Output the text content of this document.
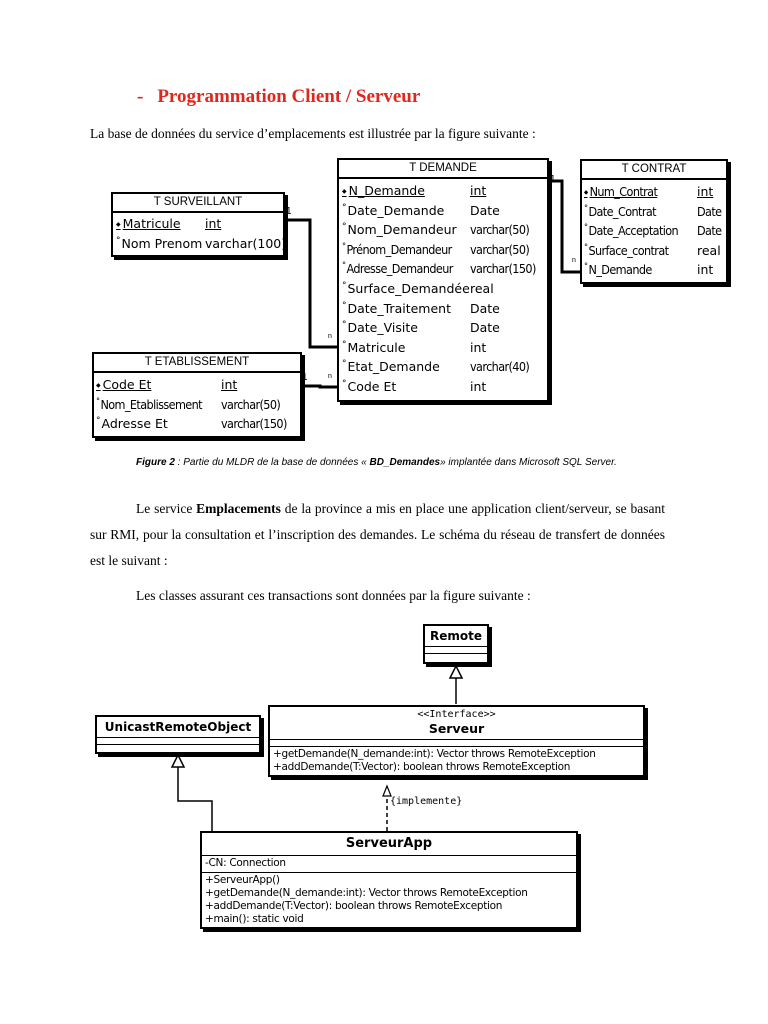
- Programmation Client / Serveur
La base de données du service d’emplacements est illustrée par la figure suivante :
1
n
1	n
1
n
T SURVEILLANT
◆ Matricule int
° Nom Prenom varchar(100)
T DEMANDE
◆ N_Demande	int
° Date_Demande Date
° Nom_Demandeur varchar(50)
° Prénom_Demandeur varchar(50)
° Adresse_Demandeur varchar(150)
° Surface_Demandée real
° Date_Traitement Date
° Date_Visite	Date
° Matricule	int
° Etat_Demande varchar(40)
° Code Et	int
T CONTRAT
◆ Num_Contrat	int
° Date_Contrat	Date
° Date_Acceptation Date
° Surface_contrat real
° N_Demande	int
T ETABLISSEMENT
◆ Code Et	int
° Nom_Etablissement varchar(50)
° Adresse Et	varchar(150)
Figure 2 : Partie du MLDR de la base de données « BD_Demandes» implantée dans Microsoft SQL Server.
Le service Emplacements de la province a mis en place une application client/serveur, se basant sur RMI, pour la consultation et l’inscription des demandes. Le schéma du réseau de transfert de données est le suivant :
Les classes assurant ces transactions sont données par la figure suivante :
Remote
UnicastRemoteObject
<<Interface>>
Serveur
+getDemande(N_demande:int): Vector throws RemoteException
+addDemande(T:Vector): boolean throws RemoteException
{implemente}
ServeurApp
-CN: Connection
+ServeurApp()
+getDemande(N_demande:int): Vector throws RemoteException
+addDemande(T:Vector): boolean throws RemoteException
+main(): static void
